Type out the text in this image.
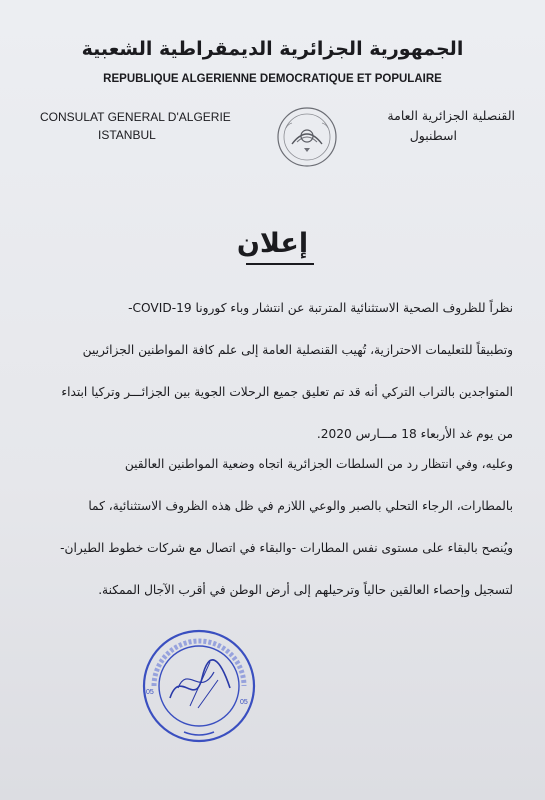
الجمهورية الجزائرية الديمقراطية الشعبية
REPUBLIQUE ALGERIENNE DEMOCRATIQUE ET POPULAIRE
CONSULAT GENERAL D'ALGERIE
ISTANBUL
القنصلية الجزائرية العامة
اسطنبول
إعلان
نظراً للظروف الصحية الاستثنائية المترتبة عن انتشار وباء كورونا COVID-19-
وتطبيقاً للتعليمات الاحترازية، تُهيب القنصلية العامة إلى علم كافة المواطنين الجزائريين
المتواجدين بالتراب التركي أنه قد تم تعليق جميع الرحلات الجوية بين الجزائـــر وتركيا ابتداء
من يوم غد الأربعاء 18 مـــارس 2020.
وعليه، وفي انتظار رد من السلطات الجزائرية اتجاه وضعية المواطنين العالقين
بالمطارات، الرجاء التحلي بالصبر والوعي اللازم في ظل هذه الظروف الاستثنائية، كما
ويُنصح بالبقاء على مستوى نفس المطارات -والبقاء في اتصال مع شركات خطوط الطيران-
لتسجيل وإحصاء العالقين حالياً وترحيلهم إلى أرض الوطن في أقرب الآجال الممكنة.
05
05
